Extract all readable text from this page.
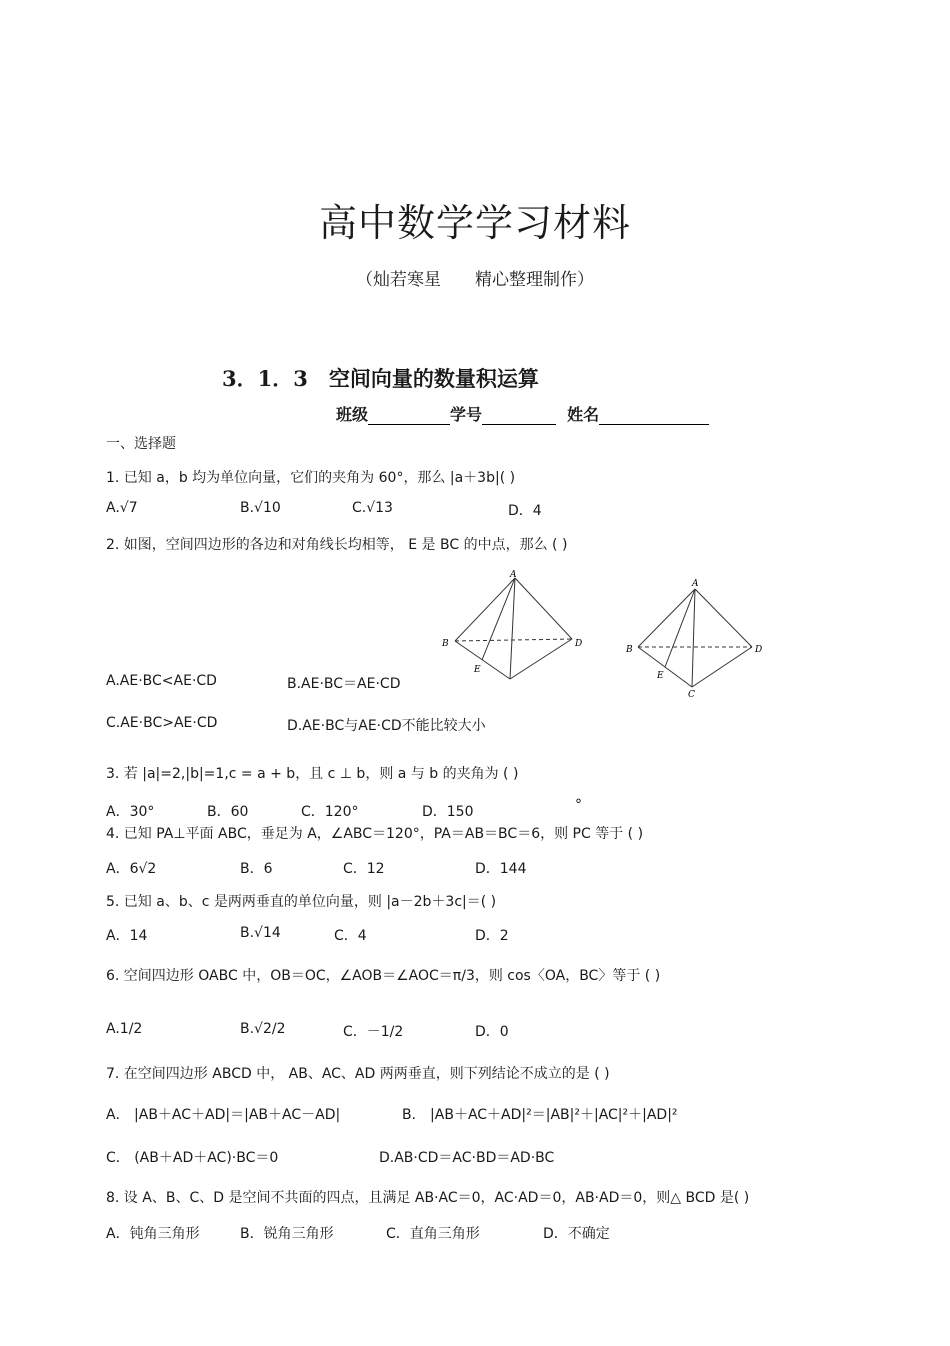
高中数学学习材料
（灿若寒星　　精心整理制作）
3．1．3　空间向量的数量积运算
班级	学号	姓名
一、选择题
1. 已知 a，b 均为单位向量，它们的夹角为 60°，那么 |a＋3b|( )
A.√7	B.√10	C.√13	D．4
2. 如图，空间四边形的各边和对角线长均相等， E 是 BC 的中点，那么 ( )
A
B	D
E
A
B	D
E
C
A.AE·BC<AE·CD	B.AE·BC＝AE·CD
C.AE·BC>AE·CD	D.AE·BC与AE·CD不能比较大小
3. 若 |a|=2,|b|=1,c = a + b，且 c ⊥ b，则 a 与 b 的夹角为 ( )
A．30°	B．60	C．120°	D．150	°
4. 已知 PA⊥平面 ABC，垂足为 A，∠ABC＝120°，PA＝AB＝BC＝6，则 PC 等于 ( )
A．6√2	B．6	C．12	D．144
5. 已知 a、b、c 是两两垂直的单位向量，则 |a－2b＋3c|＝( )
A．14	B.√14	C．4	D．2
6. 空间四边形 OABC 中，OB＝OC，∠AOB＝∠AOC＝π/3，则 cos〈OA，BC〉等于 ( )
A.1/2	B.√2/2	C．－1/2	D．0
7. 在空间四边形 ABCD 中， AB、AC、AD 两两垂直，则下列结论不成立的是 ( )
A． |AB＋AC＋AD|＝|AB＋AC－AD|	B． |AB＋AC＋AD|²＝|AB|²＋|AC|²＋|AD|²
C． (AB＋AD＋AC)·BC＝0	D.AB·CD＝AC·BD＝AD·BC
8. 设 A、B、C、D 是空间不共面的四点，且满足 AB·AC＝0，AC·AD＝0，AB·AD＝0，则△ BCD 是( )
A．钝角三角形	B．锐角三角形	C．直角三角形	D．不确定
